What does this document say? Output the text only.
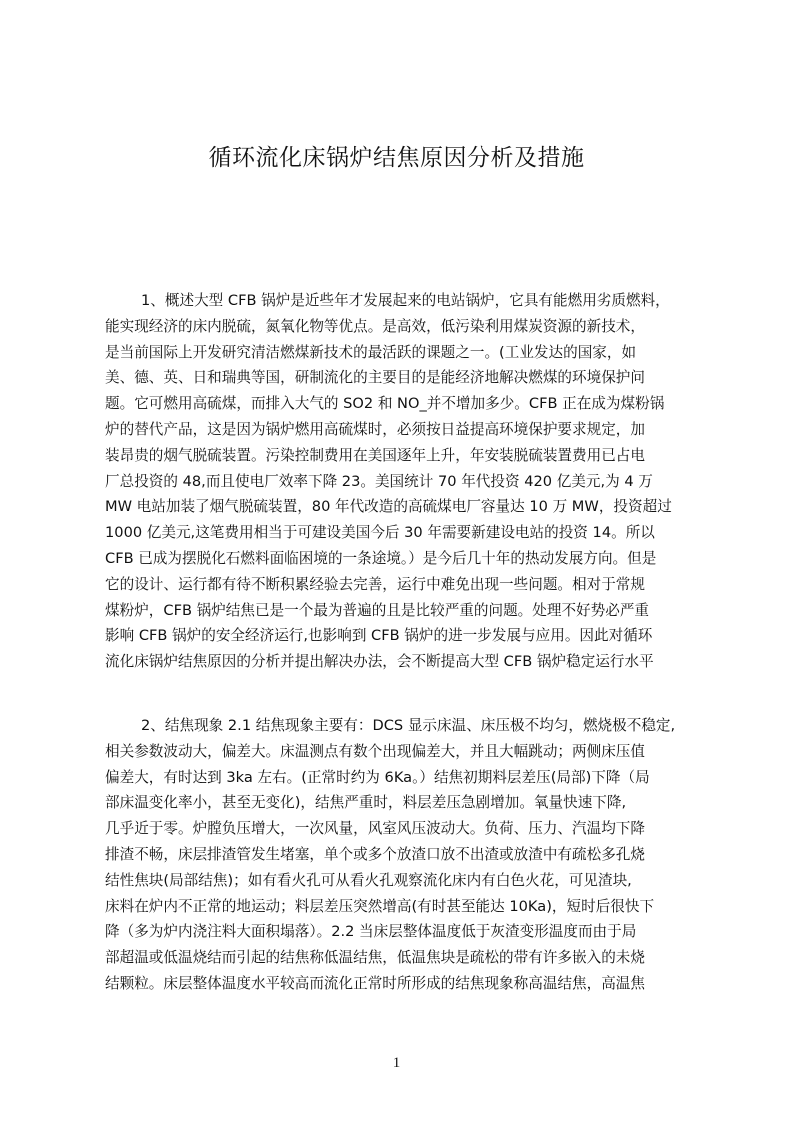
循环流化床锅炉结焦原因分析及措施
1、概述大型 CFB 锅炉是近些年才发展起来的电站锅炉，它具有能燃用劣质燃料，
能实现经济的床内脱硫，氮氧化物等优点。是高效，低污染利用煤炭资源的新技术，
是当前国际上开发研究清洁燃煤新技术的最活跃的课题之一。(工业发达的国家，如
美、德、英、日和瑞典等国，研制流化的主要目的是能经济地解决燃煤的环境保护问
题。它可燃用高硫煤，而排入大气的 SO2 和 NO_并不增加多少。CFB 正在成为煤粉锅
炉的替代产品，这是因为锅炉燃用高硫煤时，必须按日益提高环境保护要求规定，加
装昂贵的烟气脱硫装置。污染控制费用在美国逐年上升，年安装脱硫装置费用已占电
厂总投资的 48,而且使电厂效率下降 23。美国统计 70 年代投资 420 亿美元,为 4 万
MW 电站加装了烟气脱硫装置，80 年代改造的高硫煤电厂容量达 10 万 MW，投资超过
1000 亿美元,这笔费用相当于可建设美国今后 30 年需要新建设电站的投资 14。所以
CFB 已成为摆脱化石燃料面临困境的一条途境。）是今后几十年的热动发展方向。但是
它的设计、运行都有待不断积累经验去完善，运行中难免出现一些问题。相对于常规
煤粉炉，CFB 锅炉结焦已是一个最为普遍的且是比较严重的问题。处理不好势必严重
影响 CFB 锅炉的安全经济运行,也影响到 CFB 锅炉的进一步发展与应用。因此对循环
流化床锅炉结焦原因的分析并提出解决办法，会不断提高大型 CFB 锅炉稳定运行水平
2、结焦现象 2.1 结焦现象主要有：DCS 显示床温、床压极不均匀，燃烧极不稳定,
相关参数波动大，偏差大。床温测点有数个出现偏差大，并且大幅跳动；两侧床压值
偏差大，有时达到 3ka 左右。(正常时约为 6Ka。）结焦初期料层差压(局部)下降（局
部床温变化率小，甚至无变化)，结焦严重时，料层差压急剧增加。氧量快速下降,
几乎近于零。炉膛负压增大，一次风量，风室风压波动大。负荷、压力、汽温均下降
排渣不畅，床层排渣管发生堵塞，单个或多个放渣口放不出渣或放渣中有疏松多孔烧
结性焦块(局部结焦)；如有看火孔可从看火孔观察流化床内有白色火花，可见渣块,
床料在炉内不正常的地运动；料层差压突然增高(有时甚至能达 10Ka)，短时后很快下
降（多为炉内浇注料大面积塌落）。2.2 当床层整体温度低于灰渣变形温度而由于局
部超温或低温烧结而引起的结焦称低温结焦，低温焦块是疏松的带有许多嵌入的未烧
结颗粒。床层整体温度水平较高而流化正常时所形成的结焦现象称高温结焦，高温焦
1
